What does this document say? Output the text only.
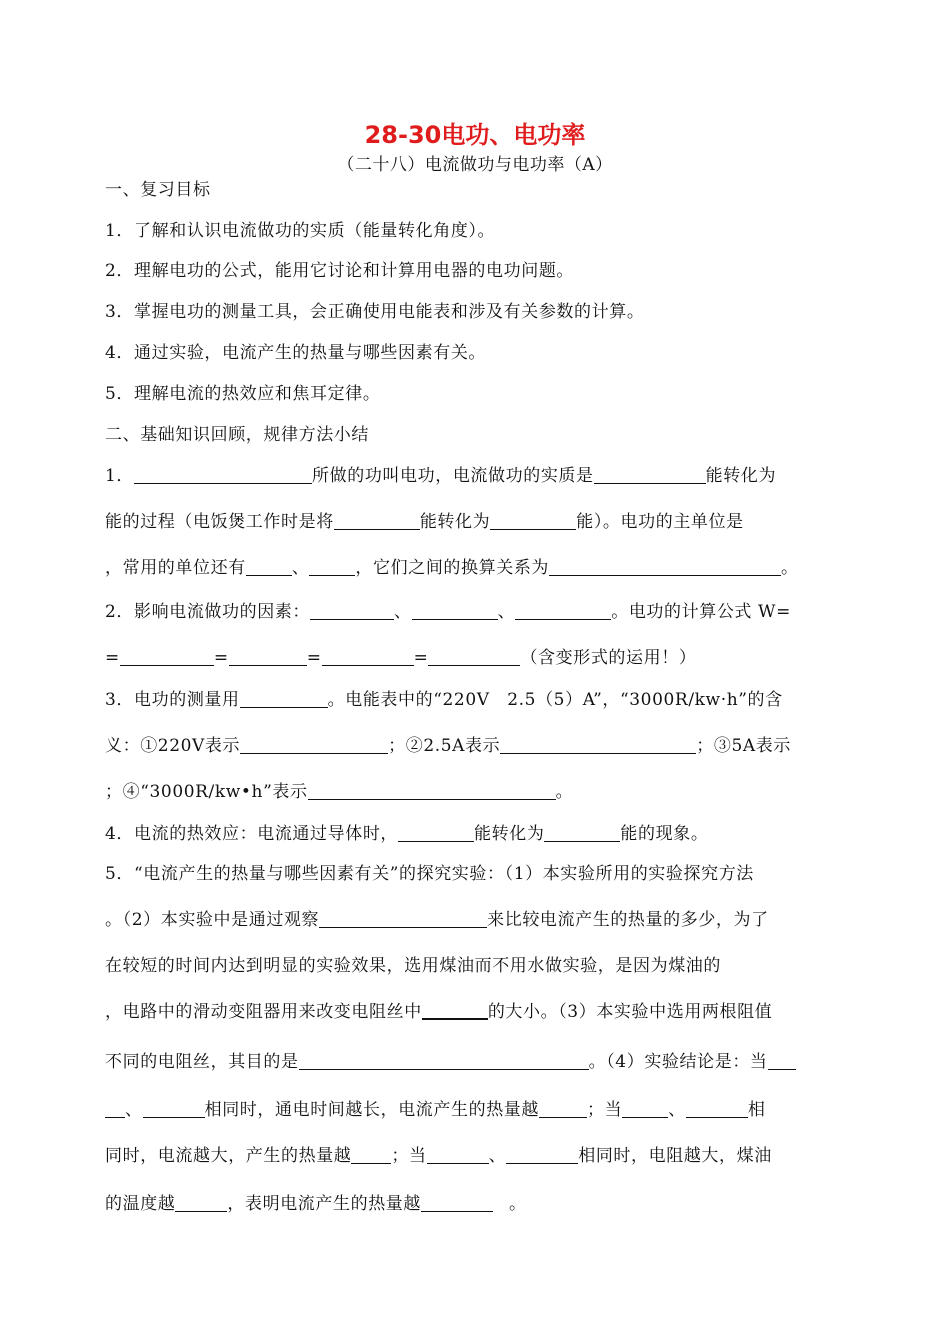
28-30电功、电功率
（二十八）电流做功与电功率（A）
一、复习目标
1．了解和认识电流做功的实质（能量转化角度）。
2．理解电功的公式，能用它讨论和计算用电器的电功问题。
3．掌握电功的测量工具，会正确使用电能表和涉及有关参数的计算。
4．通过实验，电流产生的热量与哪些因素有关。
5．理解电流的热效应和焦耳定律。
二、基础知识回顾，规律方法小结
1．	所做的功叫电功，电流做功的实质是	能转化为
能的过程（电饭煲工作时是将	能转化为	能）。电功的主单位是
，常用的单位还有	、	，它们之间的换算关系为	。
2．影响电流做功的因素：	、	、	。电功的计算公式 W=
=	=	=	=	（含变形式的运用！）
3．电功的测量用	。电能表中的“220V　2.5（5）A”，“3000R/kw·h”的含
义：①220V表示	；②2.5A表示	；③5A表示
；④“3000R/kw•h”表示	。
4．电流的热效应：电流通过导体时，	能转化为	能的现象。
5．“电流产生的热量与哪些因素有关”的探究实验：（1）本实验所用的实验探究方法
。（2）本实验中是通过观察	来比较电流产生的热量的多少，为了
在较短的时间内达到明显的实验效果，选用煤油而不用水做实验，是因为煤油的
，电路中的滑动变阻器用来改变电阻丝中	的大小。（3）本实验中选用两根阻值
不同的电阻丝，其目的是	。（4）实验结论是：当
、	相同时，通电时间越长，电流产生的热量越	；当	、	相
同时，电流越大，产生的热量越 ；当	、	相同时，电阻越大，煤油
的温度越	，表明电流产生的热量越	。
